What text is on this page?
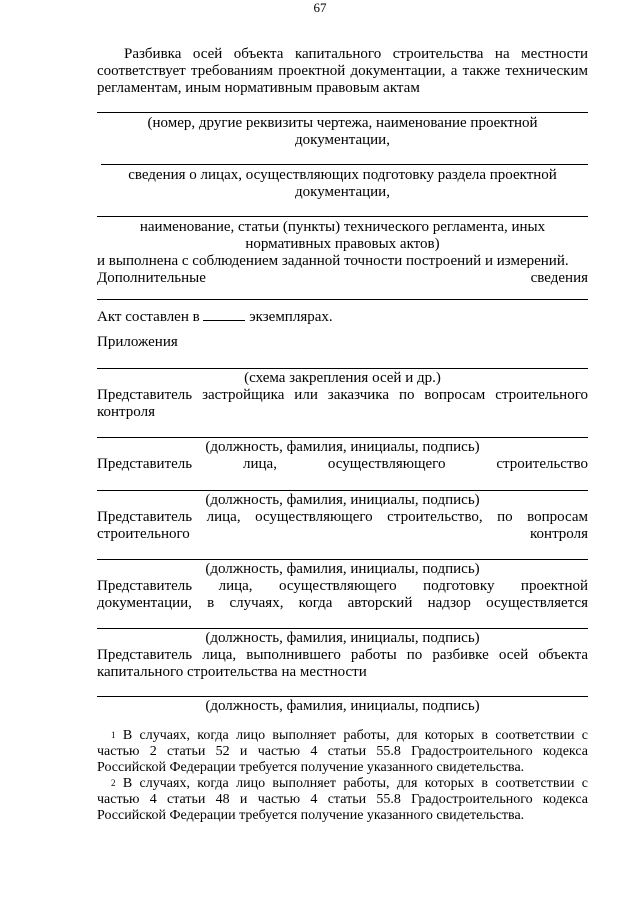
67
Разбивка осей объекта капитального строительства на местности
соответствует требованиям проектной документации, а также техническим
регламентам, иным нормативным правовым актам
(номер, другие реквизиты чертежа, наименование проектной
документации,
сведения о лицах, осуществляющих подготовку раздела проектной
документации,
наименование, статьи (пункты) технического регламента, иных
нормативных правовых актов)
и выполнена с соблюдением заданной точности построений и измерений.
Дополнительные	сведения
Акт составлен в	экземплярах.
Приложения
(схема закрепления осей и др.)
Представитель застройщика или заказчика по вопросам строительного
контроля
(должность, фамилия, инициалы, подпись)
Представитель лица, осуществляющего строительство
(должность, фамилия, инициалы, подпись)
Представитель лица, осуществляющего строительство, по вопросам
строительного	контроля
(должность, фамилия, инициалы, подпись)
Представитель лица, осуществляющего подготовку проектной
документации, в случаях, когда авторский надзор осуществляется
(должность, фамилия, инициалы, подпись)
Представитель лица, выполнившего работы по разбивке осей объекта
капитального строительства на местности
(должность, фамилия, инициалы, подпись)
$^1$ В случаях, когда лицо выполняет работы, для которых в соответствии с
частью 2 статьи 52 и частью 4 статьи 55.8 Градостроительного кодекса
Российской Федерации требуется получение указанного свидетельства.
$^2$ В случаях, когда лицо выполняет работы, для которых в соответствии с
частью 4 статьи 48 и частью 4 статьи 55.8 Градостроительного кодекса
Российской Федерации требуется получение указанного свидетельства.
